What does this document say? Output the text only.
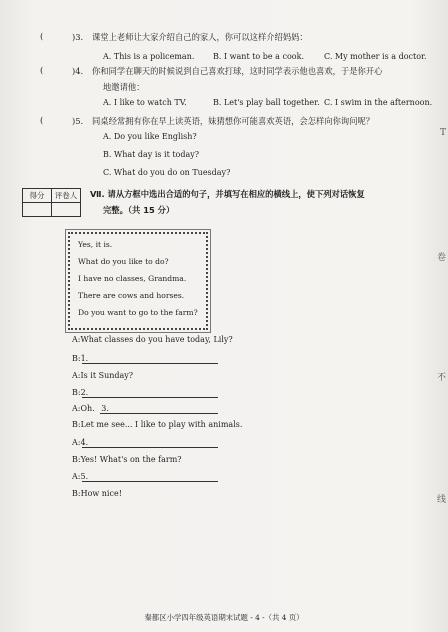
(	)3. 课堂上老师让大家介绍自己的家人，你可以这样介绍妈妈：
A. This is a policeman. B. I want to be a cook.	C. My mother is a doctor.
(	)4. 你和同学在聊天的时候说到自己喜欢打球，这时同学表示他也喜欢，于是你开心
地邀请他：
A. I like to watch TV.	B. Let's play ball together. C. I swim in the afternoon.
(	)5. 同桌经常拥有你在早上读英语，妹猜想你可能喜欢英语，会怎样向你询问呢？
A. Do you like English?
B. What day is it today?
C. What do you do on Tuesday?
得分	评卷人
	Ⅶ. 请从方框中选出合适的句子，并填写在相应的横线上，使下列对话恢复
完整。（共 15 分）
Yes, it is.
What do you like to do?
I have no classes, Grandma.
There are cows and horses.
Do you want to go to the farm?
A:What classes do you have today, Lily?
B:1.
A:Is it Sunday?
B:2.
A:Oh. 3.
B:Let me see... I like to play with animals.
A:4.
B:Yes! What's on the farm?
A:5.
B:How nice!
T
卷
不
线
秦都区小学四年级英语期末试题 - 4 -（共 4 页）
